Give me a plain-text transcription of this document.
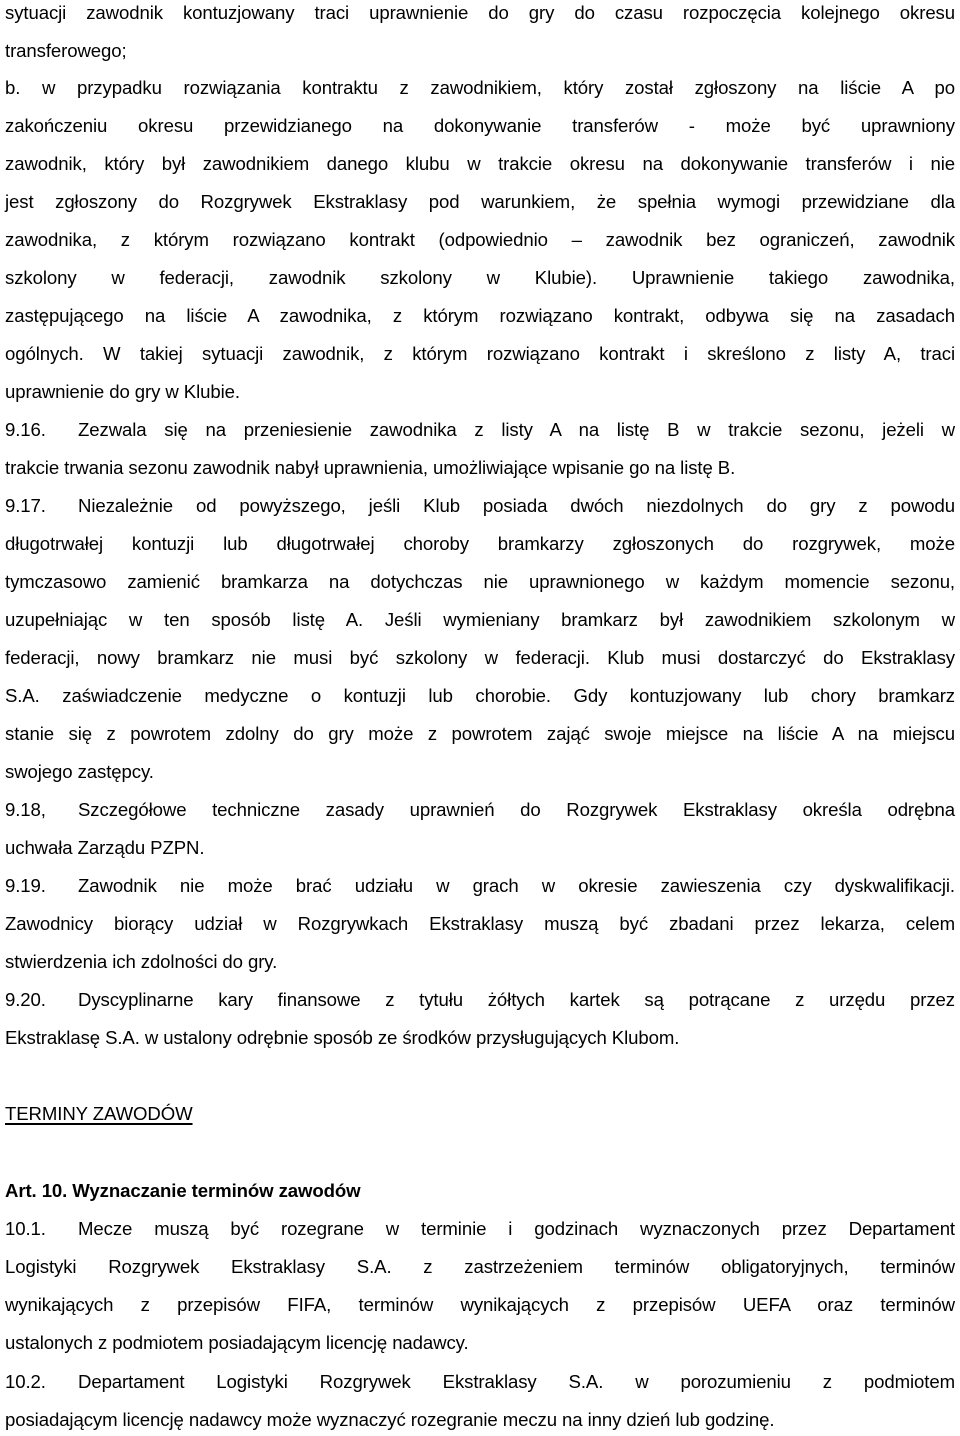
sytuacji zawodnik kontuzjowany traci uprawnienie do gry do czasu rozpoczęcia kolejnego okresu
transferowego;
b. w przypadku rozwiązania kontraktu z zawodnikiem, który został zgłoszony na liście A po
zakończeniu okresu przewidzianego na dokonywanie transferów - może być uprawniony
zawodnik, który był zawodnikiem danego klubu w trakcie okresu na dokonywanie transferów i nie
jest zgłoszony do Rozgrywek Ekstraklasy pod warunkiem, że spełnia wymogi przewidziane dla
zawodnika, z którym rozwiązano kontrakt (odpowiednio – zawodnik bez ograniczeń, zawodnik
szkolony w federacji, zawodnik szkolony w Klubie). Uprawnienie takiego zawodnika,
zastępującego na liście A zawodnika, z którym rozwiązano kontrakt, odbywa się na zasadach
ogólnych. W takiej sytuacji zawodnik, z którym rozwiązano kontrakt i skreślono z listy A, traci
uprawnienie do gry w Klubie.
9.16.	Zezwala się na przeniesienie zawodnika z listy A na listę B w trakcie sezonu, jeżeli w
trakcie trwania sezonu zawodnik nabył uprawnienia, umożliwiające wpisanie go na listę B.
9.17.	Niezależnie od powyższego, jeśli Klub posiada dwóch niezdolnych do gry z powodu
długotrwałej kontuzji lub długotrwałej choroby bramkarzy zgłoszonych do rozgrywek, może
tymczasowo zamienić bramkarza na dotychczas nie uprawnionego w każdym momencie sezonu,
uzupełniając w ten sposób listę A. Jeśli wymieniany bramkarz był zawodnikiem szkolonym w
federacji, nowy bramkarz nie musi być szkolony w federacji. Klub musi dostarczyć do Ekstraklasy
S.A. zaświadczenie medyczne o kontuzji lub chorobie. Gdy kontuzjowany lub chory bramkarz
stanie się z powrotem zdolny do gry może z powrotem zająć swoje miejsce na liście A na miejscu
swojego zastępcy.
9.18,	Szczegółowe techniczne zasady uprawnień do Rozgrywek Ekstraklasy określa odrębna
uchwała Zarządu PZPN.
9.19.	Zawodnik nie może brać udziału w grach w okresie zawieszenia czy dyskwalifikacji.
Zawodnicy biorący udział w Rozgrywkach Ekstraklasy muszą być zbadani przez lekarza, celem
stwierdzenia ich zdolności do gry.
9.20.	Dyscyplinarne kary finansowe z tytułu żółtych kartek są potrącane z urzędu przez
Ekstraklasę S.A. w ustalony odrębnie sposób ze środków przysługujących Klubom.
TERMINY ZAWODÓW
Art. 10. Wyznaczanie terminów zawodów
10.1.	Mecze muszą być rozegrane w terminie i godzinach wyznaczonych przez Departament
Logistyki Rozgrywek Ekstraklasy S.A. z zastrzeżeniem terminów obligatoryjnych, terminów
wynikających z przepisów FIFA, terminów wynikających z przepisów UEFA oraz terminów
ustalonych z podmiotem posiadającym licencję nadawcy.
10.2.	Departament Logistyki Rozgrywek Ekstraklasy S.A. w porozumieniu z podmiotem
posiadającym licencję nadawcy może wyznaczyć rozegranie meczu na inny dzień lub godzinę.
